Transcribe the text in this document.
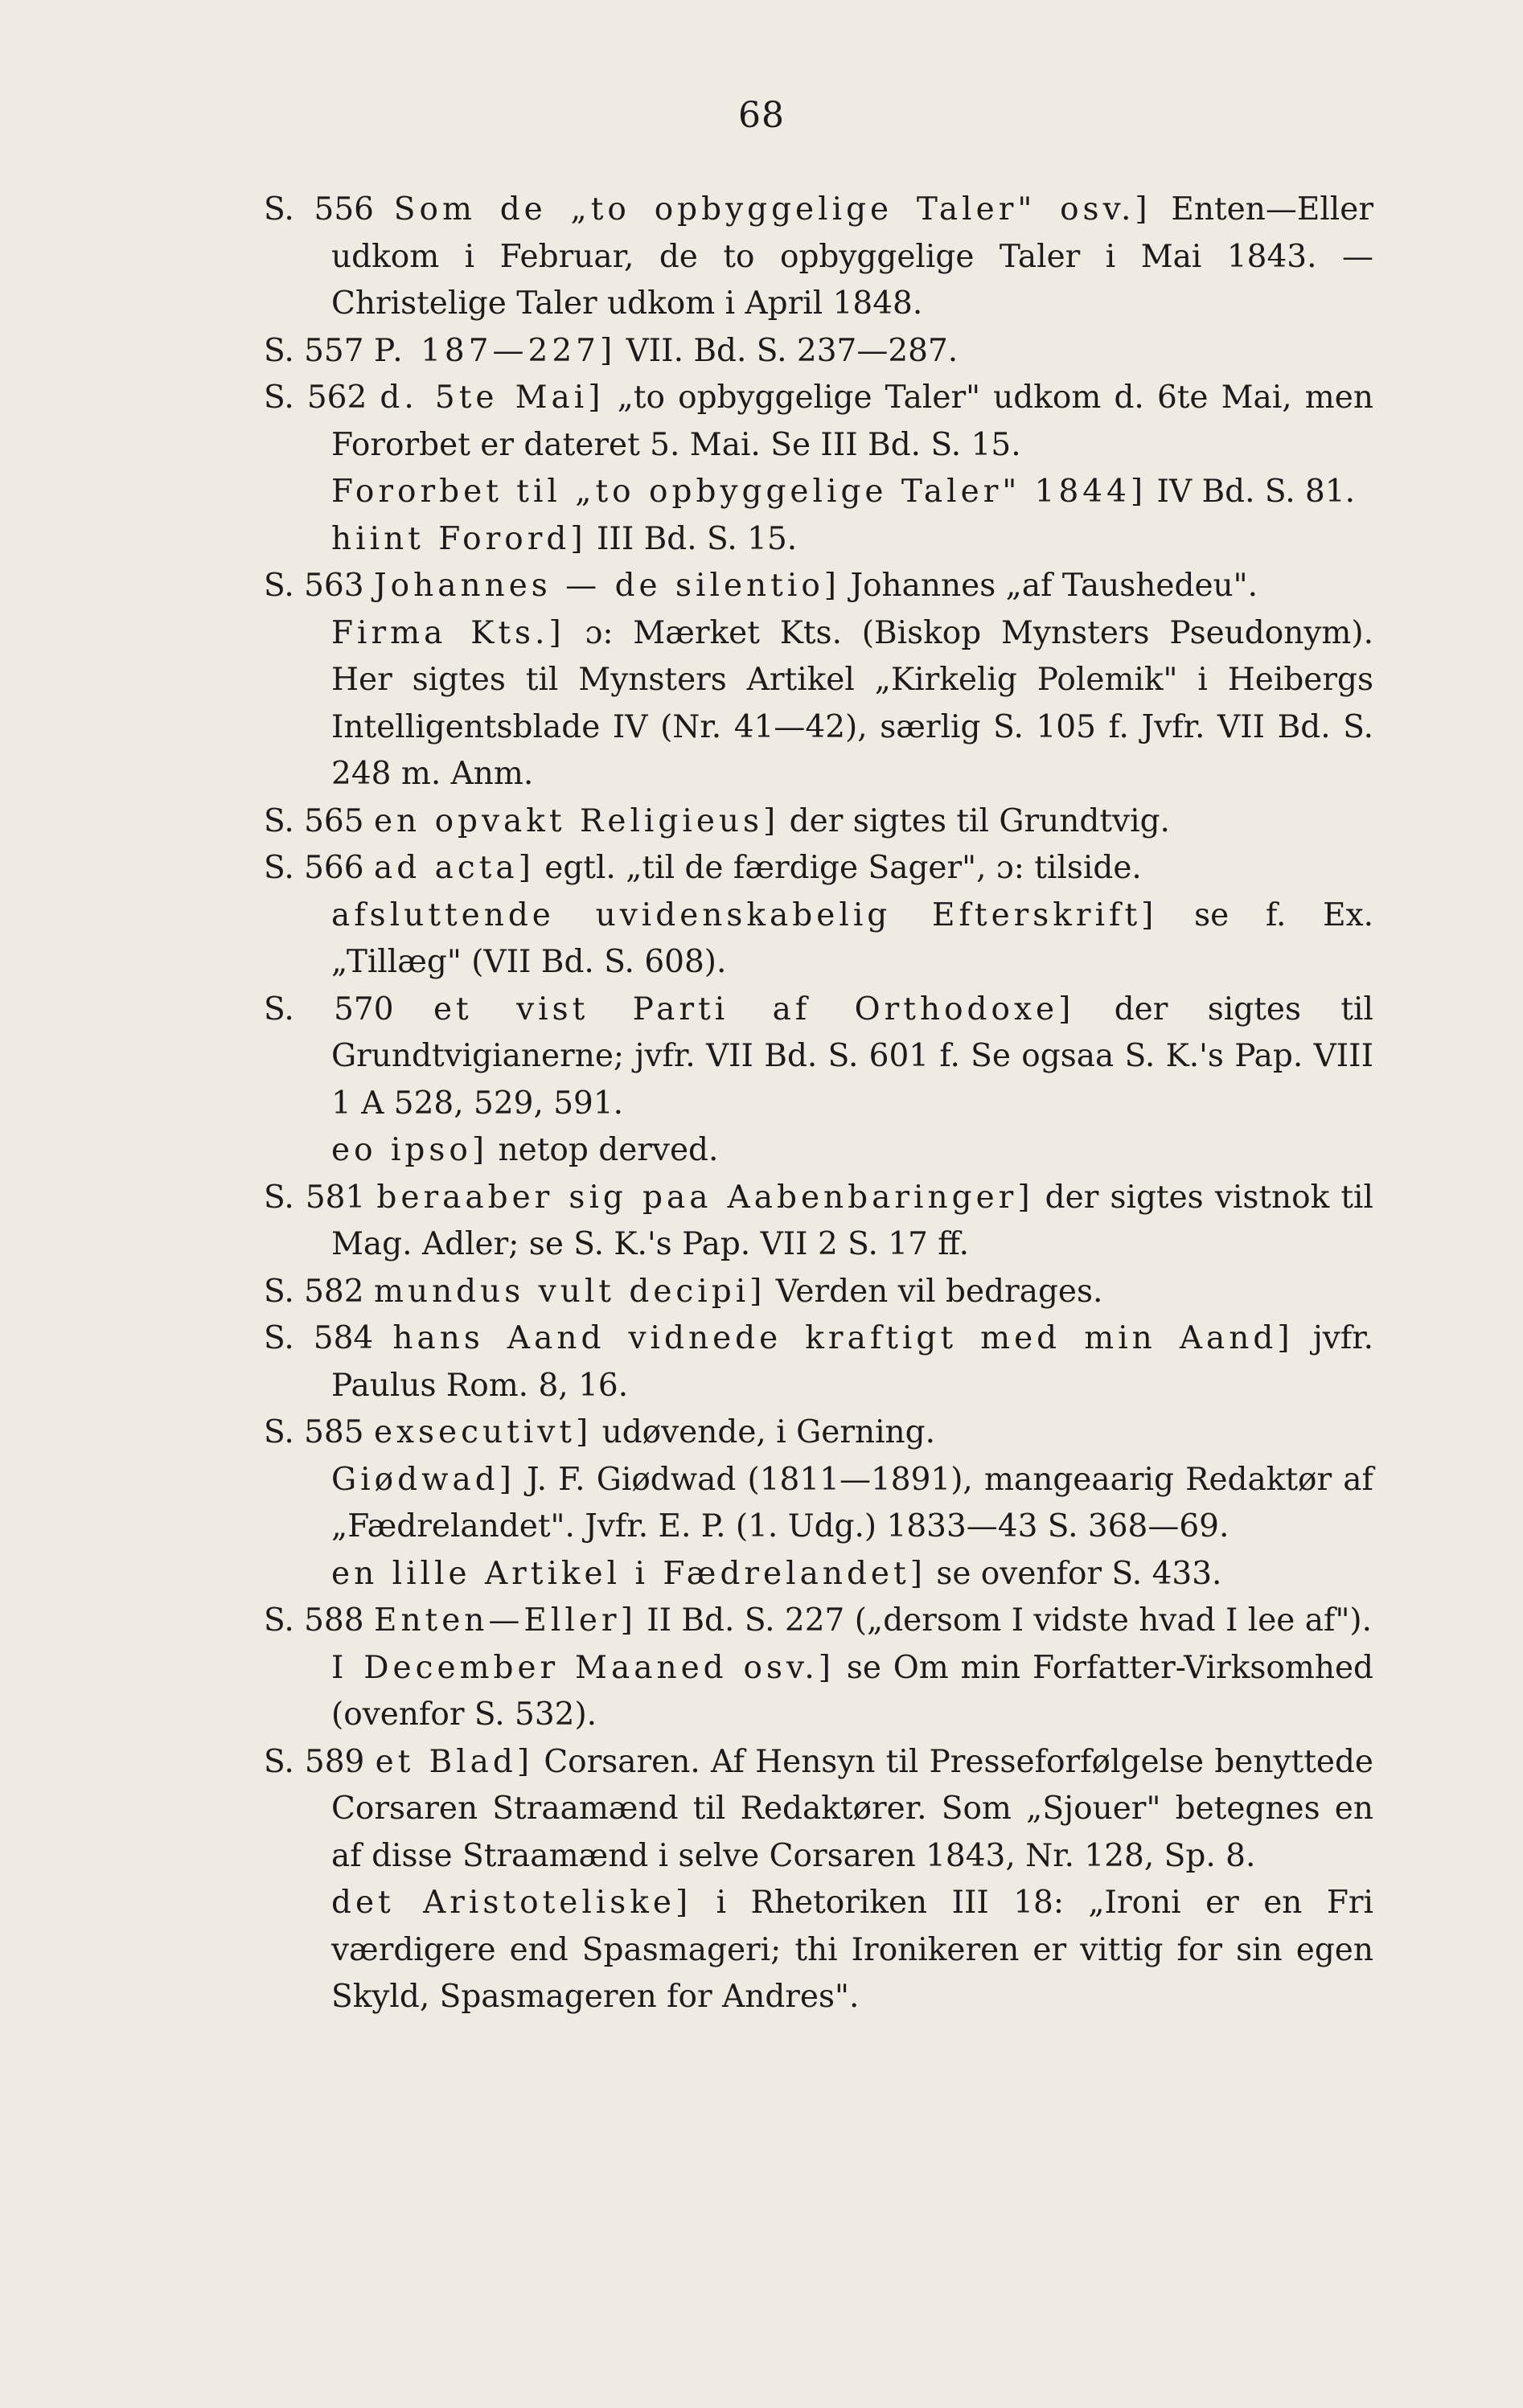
68

S. 556 Som de „to opbyggelige Taler" osv.] Enten—Eller udkom i Februar, de to opbyggelige Taler i Mai 1843. — Christelige Taler udkom i April 1848.

S. 557 P. 187—227] VII. Bd. S. 237—287.

S. 562 d. 5te Mai] „to opbyggelige Taler" udkom d. 6te Mai, men Fororbet er dateret 5. Mai. Se III Bd. S. 15.

Fororbet til „to opbyggelige Taler" 1844] IV Bd. S. 81.

hiint Forord] III Bd. S. 15.

S. 563 Johannes — de silentio] Johannes „af Taushedeu".

Firma Kts.] ɔ: Mærket Kts. (Biskop Mynsters Pseudonym). Her sigtes til Mynsters Artikel „Kirkelig Polemik" i Heibergs Intelligentsblade IV (Nr. 41—42), særlig S. 105 f. Jvfr. VII Bd. S. 248 m. Anm.

S. 565 en opvakt Religieus] der sigtes til Grundtvig.

S. 566 ad acta] egtl. „til de færdige Sager", ɔ: tilside.

afsluttende uvidenskabelig Efterskrift] se f. Ex. „Tillæg" (VII Bd. S. 608).

S. 570 et vist Parti af Orthodoxe] der sigtes til Grundtvigianerne; jvfr. VII Bd. S. 601 f. Se ogsaa S. K.'s Pap. VIII 1 A 528, 529, 591.

eo ipso] netop derved.

S. 581 beraaber sig paa Aabenbaringer] der sigtes vistnok til Mag. Adler; se S. K.'s Pap. VII 2 S. 17 ff.

S. 582 mundus vult decipi] Verden vil bedrages.

S. 584 hans Aand vidnede kraftigt med min Aand] jvfr. Paulus Rom. 8, 16.

S. 585 exsecutivt] udøvende, i Gerning.

Giødwad] J. F. Giødwad (1811—1891), mangeaarig Redaktør af „Fædrelandet". Jvfr. E. P. (1. Udg.) 1833—43 S. 368—69.

en lille Artikel i Fædrelandet] se ovenfor S. 433.

S. 588 Enten—Eller] II Bd. S. 227 („dersom I vidste hvad I lee af").

I December Maaned osv.] se Om min Forfatter-Virksomhed (ovenfor S. 532).

S. 589 et Blad] Corsaren. Af Hensyn til Presseforfølgelse benyttede Corsaren Straamænd til Redaktører. Som „Sjouer" betegnes en af disse Straamænd i selve Corsaren 1843, Nr. 128, Sp. 8.

det Aristoteliske] i Rhetoriken III 18: „Ironi er en Fri værdigere end Spasmageri; thi Ironikeren er vittig for sin egen Skyld, Spasmageren for Andres".
